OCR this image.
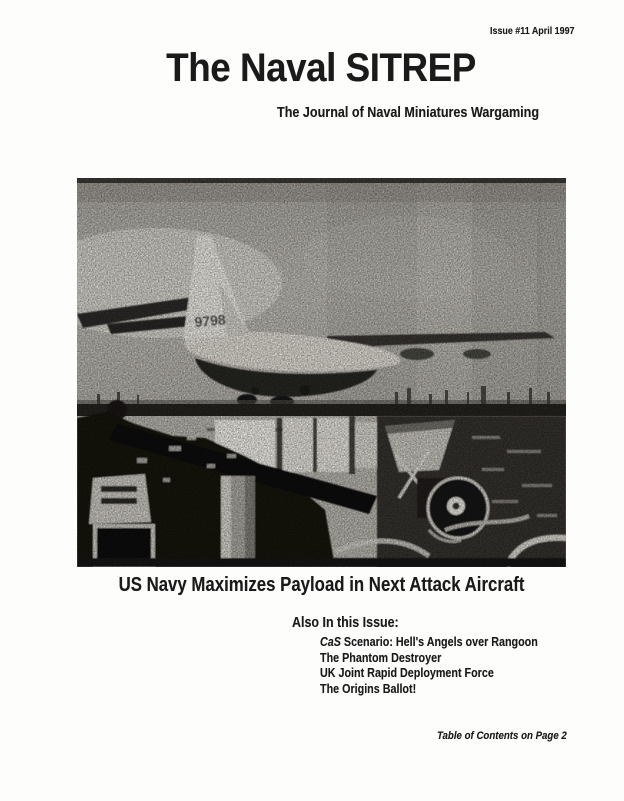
Issue #11 April 1997
The Naval SITREP
The Journal of Naval Miniatures Wargaming
US Navy Maximizes Payload in Next Attack Aircraft
Also In this Issue:
CaS Scenario: Hell's Angels over Rangoon
The Phantom Destroyer
UK Joint Rapid Deployment Force
The Origins Ballot!
Table of Contents on Page 2
